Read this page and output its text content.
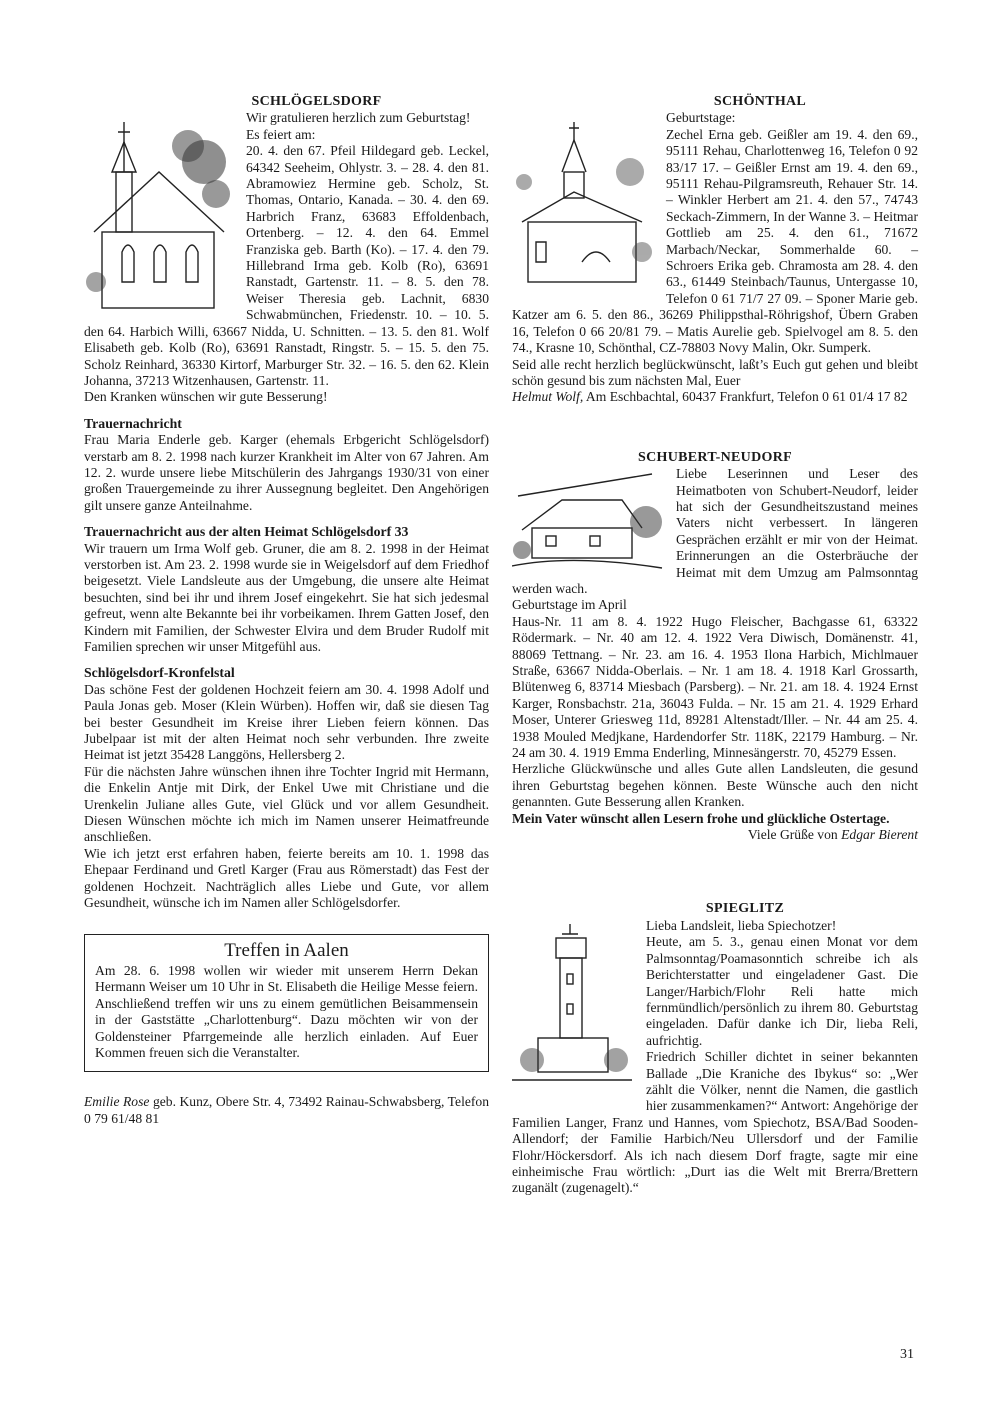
SCHLÖGELSDORF

Wir gratulieren herzlich zum Geburtstag!

Es feiert am:

20. 4. den 67. Pfeil Hildegard geb. Leckel, 64342 Seeheim, Ohlystr. 3. – 28. 4. den 81. Abramowiez Hermine geb. Scholz, St. Thomas, Ontario, Kanada. – 30. 4. den 69. Harbrich Franz, 63683 Effoldenbach, Ortenberg. – 12. 4. den 64. Emmel Franziska geb. Barth (Ko). – 17. 4. den 79. Hillebrand Irma geb. Kolb (Ro), 63691 Ranstadt, Gartenstr. 11. – 8. 5. den 78. Weiser Theresia geb. Lachnit, 6830 Schwabmünchen, Friedenstr. 10. – 10. 5. den 64. Harbich Willi, 63667 Nidda, U. Schnitten. – 13. 5. den 81. Wolf Elisabeth geb. Kolb (Ro), 63691 Ranstadt, Ringstr. 5. – 15. 5. den 75. Scholz Reinhard, 36330 Kirtorf, Marburger Str. 32. – 16. 5. den 62. Klein Johanna, 37213 Witzenhausen, Gartenstr. 11.

Den Kranken wünschen wir gute Besserung!

Trauernachricht

Frau Maria Enderle geb. Karger (ehemals Erbgericht Schlögelsdorf) verstarb am 8. 2. 1998 nach kurzer Krankheit im Alter von 67 Jahren. Am 12. 2. wurde unsere liebe Mitschülerin des Jahrgangs 1930/31 von einer großen Trauergemeinde zu ihrer Aussegnung begleitet. Den Angehörigen gilt unsere ganze Anteilnahme.

Trauernachricht aus der alten Heimat Schlögelsdorf 33

Wir trauern um Irma Wolf geb. Gruner, die am 8. 2. 1998 in der Heimat verstorben ist. Am 23. 2. 1998 wurde sie in Weigelsdorf auf dem Friedhof beigesetzt. Viele Landsleute aus der Umgebung, die unsere alte Heimat besuchten, sind bei ihr und ihrem Josef eingekehrt. Sie hat sich jedesmal gefreut, wenn alte Bekannte bei ihr vorbeikamen. Ihrem Gatten Josef, den Kindern mit Familien, der Schwester Elvira und dem Bruder Rudolf mit Familien sprechen wir unser Mitgefühl aus.

Schlögelsdorf-Kronfelstal

Das schöne Fest der goldenen Hochzeit feiern am 30. 4. 1998 Adolf und Paula Jonas geb. Moser (Klein Würben). Hoffen wir, daß sie diesen Tag bei bester Gesundheit im Kreise ihrer Lieben feiern können. Das Jubelpaar ist mit der alten Heimat noch sehr verbunden. Ihre zweite Heimat ist jetzt 35428 Langgöns, Hellersberg 2.

Für die nächsten Jahre wünschen ihnen ihre Tochter Ingrid mit Hermann, die Enkelin Antje mit Dirk, der Enkel Uwe mit Christiane und die Urenkelin Juliane alles Gute, viel Glück und vor allem Gesundheit. Diesen Wünschen möchte ich mich im Namen unserer Heimatfreunde anschließen.

Wie ich jetzt erst erfahren haben, feierte bereits am 10. 1. 1998 das Ehepaar Ferdinand und Gretl Karger (Frau aus Römerstadt) das Fest der goldenen Hochzeit. Nachträglich alles Liebe und Gute, vor allem Gesundheit, wünsche ich im Namen aller Schlögelsdorfer.

Treffen in Aalen

Am 28. 6. 1998 wollen wir wieder mit unserem Herrn Dekan Hermann Weiser um 10 Uhr in St. Elisabeth die Heilige Messe feiern. Anschließend treffen wir uns zu einem gemütlichen Beisammensein in der Gaststätte „Charlottenburg“. Dazu möchten wir von der Goldensteiner Pfarrgemeinde alle herzlich einladen. Auf Euer Kommen freuen sich die Veranstalter.

Emilie Rose geb. Kunz, Obere Str. 4, 73492 Rainau-Schwabsberg, Telefon 0 79 61/48 81

SCHÖNTHAL

Geburtstage:

Zechel Erna geb. Geißler am 19. 4. den 69., 95111 Rehau, Charlottenweg 16, Telefon 0 92 83/17 17. – Geißler Ernst am 19. 4. den 69., 95111 Rehau-Pilgramsreuth, Rehauer Str. 14. – Winkler Herbert am 21. 4. den 57., 74743 Seckach-Zimmern, In der Wanne 3. – Heitmar Gottlieb am 25. 4. den 61., 71672 Marbach/Neckar, Sommerhalde 60. – Schroers Erika geb. Chramosta am 28. 4. den 63., 61449 Steinbach/Taunus, Untergasse 10, Telefon 0 61 71/7 27 09. – Sponer Marie geb. Katzer am 6. 5. den 86., 36269 Philippsthal-Röhrigshof, Übern Graben 16, Telefon 0 66 20/81 79. – Matis Aurelie geb. Spielvogel am 8. 5. den 74., Krasne 10, Schönthal, CZ-78803 Novy Malin, Okr. Sumperk.

Seid alle recht herzlich beglückwünscht, laßt’s Euch gut gehen und bleibt schön gesund bis zum nächsten Mal, Euer

Helmut Wolf, Am Eschbachtal, 60437 Frankfurt, Telefon 0 61 01/4 17 82

SCHUBERT-NEUDORF

Liebe Leserinnen und Leser des Heimatboten von Schubert-Neudorf, leider hat sich der Gesundheitszustand meines Vaters nicht verbessert. In längeren Gesprächen erzählt er mir von der Heimat. Erinnerungen an die Osterbräuche der Heimat mit dem Umzug am Palmsonntag werden wach.

Geburtstage im April

Haus-Nr. 11 am 8. 4. 1922 Hugo Fleischer, Bachgasse 61, 63322 Rödermark. – Nr. 40 am 12. 4. 1922 Vera Diwisch, Domänenstr. 41, 88069 Tettnang. – Nr. 23. am 16. 4. 1953 Ilona Harbich, Michlmauer Straße, 63667 Nidda-Oberlais. – Nr. 1 am 18. 4. 1918 Karl Grossarth, Blütenweg 6, 83714 Miesbach (Parsberg). – Nr. 21. am 18. 4. 1924 Ernst Karger, Ronsbachstr. 21a, 36043 Fulda. – Nr. 15 am 21. 4. 1929 Erhard Moser, Unterer Griesweg 11d, 89281 Altenstadt/Iller. – Nr. 44 am 25. 4. 1938 Mouled Medjkane, Hardendorfer Str. 118K, 22179 Hamburg. – Nr. 24 am 30. 4. 1919 Emma Enderling, Minnesängerstr. 70, 45279 Essen.

Herzliche Glückwünsche und alles Gute allen Landsleuten, die gesund ihren Geburtstag begehen können. Beste Wünsche auch den nicht genannten. Gute Besserung allen Kranken.

Mein Vater wünscht allen Lesern frohe und glückliche Ostertage.

Viele Grüße von Edgar Bierent

SPIEGLITZ

Lieba Landsleit, lieba Spiechotzer!

Heute, am 5. 3., genau einen Monat vor dem Palmsonntag/Poamasonntich schreibe ich als Berichterstatter und eingeladener Gast. Die Langer/Harbich/Flohr Reli hatte mich fernmündlich/persönlich zu ihrem 80. Geburtstag eingeladen. Dafür danke ich Dir, lieba Reli, aufrichtig.

Friedrich Schiller dichtet in seiner bekannten Ballade „Die Kraniche des Ibykus“ so: „Wer zählt die Völker, nennt die Namen, die gastlich hier zusammenkamen?“ Antwort: Angehörige der Familien Langer, Franz und Hannes, vom Spiechotz, BSA/Bad Sooden-Allendorf; der Familie Harbich/Neu Ullersdorf und der Familie Flohr/Höckersdorf. Als ich nach diesem Dorf fragte, sagte mir eine einheimische Frau wörtlich: „Durt ias die Welt mit Brerra/Brettern zuganält (zugenagelt).“

31
